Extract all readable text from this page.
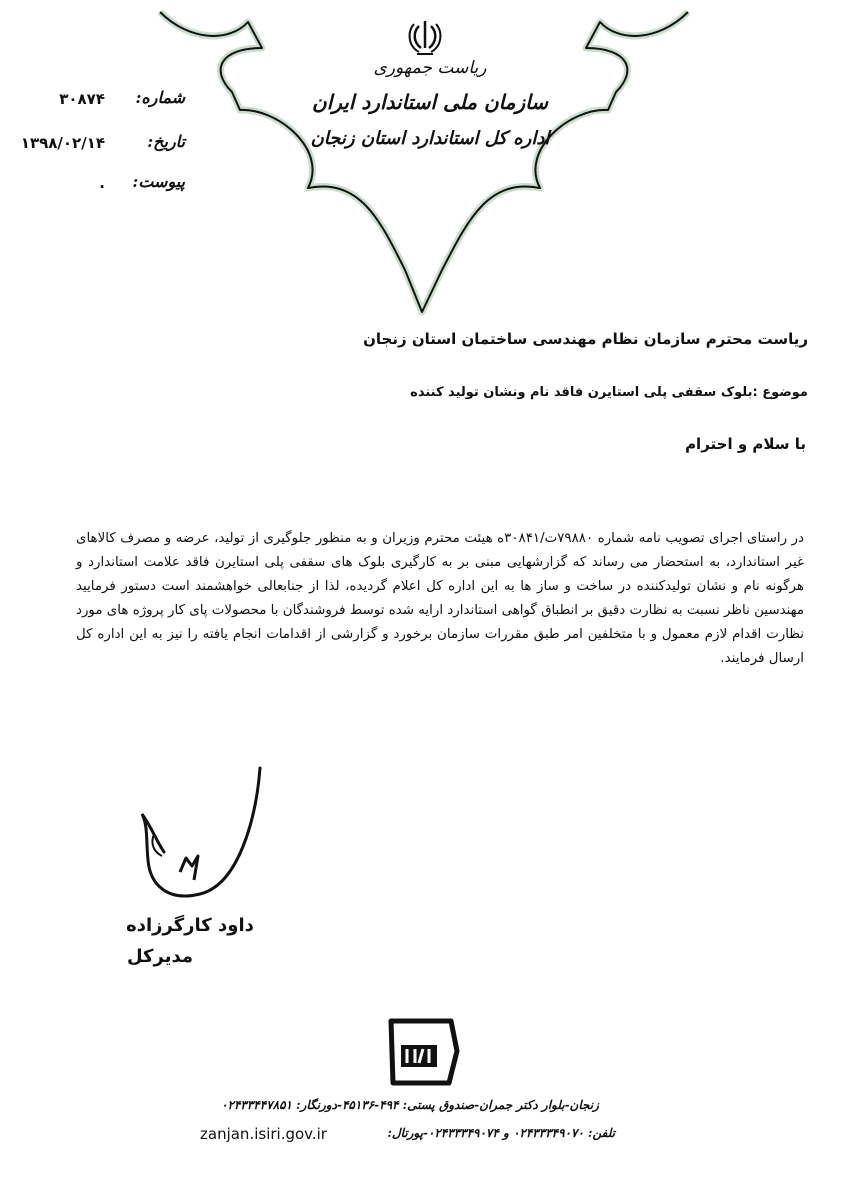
ریاست جمهوری
سازمان ملی استاندارد ایران
اداره کل استاندارد استان زنجان
شماره:
۳۰۸۷۴
تاریخ:
۱۳۹۸/۰۲/۱۴
پیوست:
.
ریاست محترم سازمان نظام مهندسی ساختمان استان زنجان
موضوع :بلوک سقفی پلی استایرن فاقد نام ونشان تولید کننده
با سلام و احترام
در راستای اجرای تصویب نامه شماره ۷۹۸۸۰ت/۳۰۸۴۱ه هیئت محترم وزیران و به منظور جلوگیری از تولید، عرضه و مصرف کالاهای غیر استاندارد، به استحضار می رساند که گزارشهایی مبنی بر به کارگیری بلوک های سقفی پلی استایرن فاقد علامت استاندارد و هرگونه نام و نشان تولیدکننده در ساخت و ساز ها به این اداره کل اعلام گردیده، لذا از جنابعالی خواهشمند است دستور فرمایید مهندسین ناظر نسبت به نظارت دقیق بر انطباق گواهی استاندارد ارایه شده توسط فروشندگان با محصولات پای کار پروژه های مورد نظارت اقدام لازم معمول و با متخلفین امر طبق مقررات سازمان برخورد و گزارشی از اقدامات انجام یافته را نیز به این اداره کل ارسال فرمایند.
داود کارگرزاده
مدیرکل
زنجان-بلوار دکتر جمران-صندوق پستی: ۴۹۴-۴۵۱۳۶-دورنگار: ۰۲۴۳۳۴۴۷۸۵۱
تلفن: ۰۲۴۳۳۳۴۹۰۷۰ و ۰۲۴۳۳۳۴۹۰۷۴-پورتال:
zanjan.isiri.gov.ir
